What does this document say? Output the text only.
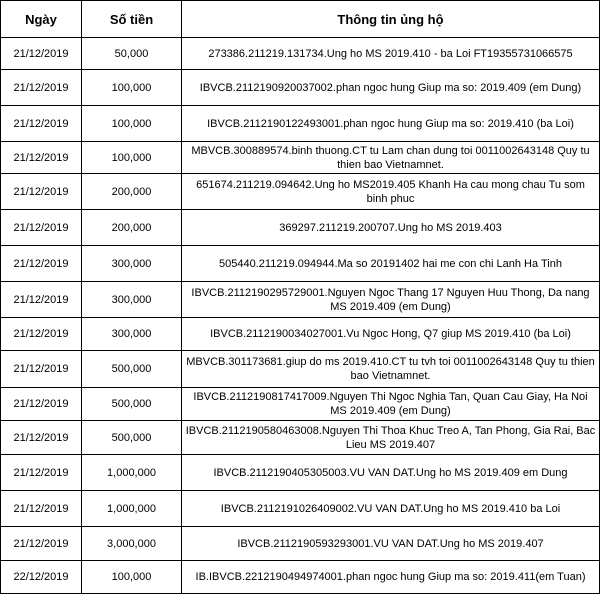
Ngày	Số tiền	Thông tin ủng hộ
21/12/2019	50,000	273386.211219.131734.Ung ho MS 2019.410 - ba Loi FT19355731066575
21/12/2019	100,000	IBVCB.2112190920037002.phan ngoc hung Giup ma so: 2019.409 (em Dung)
21/12/2019	100,000	IBVCB.2112190122493001.phan ngoc hung Giup ma so: 2019.410 (ba Loi)
21/12/2019	100,000	MBVCB.300889574.binh thuong.CT tu Lam chan dung toi 0011002643148 Quy tu thien bao Vietnamnet.
21/12/2019	200,000	651674.211219.094642.Ung ho MS2019.405 Khanh Ha cau mong chau Tu som binh phuc
21/12/2019	200,000	369297.211219.200707.Ung ho MS 2019.403
21/12/2019	300,000	505440.211219.094944.Ma so 20191402 hai me con chi Lanh Ha Tinh
21/12/2019	300,000	IBVCB.2112190295729001.Nguyen Ngoc Thang 17 Nguyen Huu Thong, Da nang MS 2019.409 (em Dung)
21/12/2019	300,000	IBVCB.2112190034027001.Vu Ngoc Hong, Q7 giup MS 2019.410 (ba Loi)
21/12/2019	500,000	MBVCB.301173681.giup do ms 2019.410.CT tu tvh toi 0011002643148 Quy tu thien bao Vietnamnet.
21/12/2019	500,000	IBVCB.2112190817417009.Nguyen Thi Ngoc Nghia Tan, Quan Cau Giay, Ha Noi MS 2019.409 (em Dung)
21/12/2019	500,000	IBVCB.2112190580463008.Nguyen Thi Thoa Khuc Treo A, Tan Phong, Gia Rai, Bac Lieu MS 2019.407
21/12/2019	1,000,000	IBVCB.2112190405305003.VU VAN DAT.Ung ho MS 2019.409 em Dung
21/12/2019	1,000,000	IBVCB.2112191026409002.VU VAN DAT.Ung ho MS 2019.410 ba Loi
21/12/2019	3,000,000	IBVCB.2112190593293001.VU VAN DAT.Ung ho MS 2019.407
22/12/2019	100,000	IB.IBVCB.2212190494974001.phan ngoc hung Giup ma so: 2019.411(em Tuan)
